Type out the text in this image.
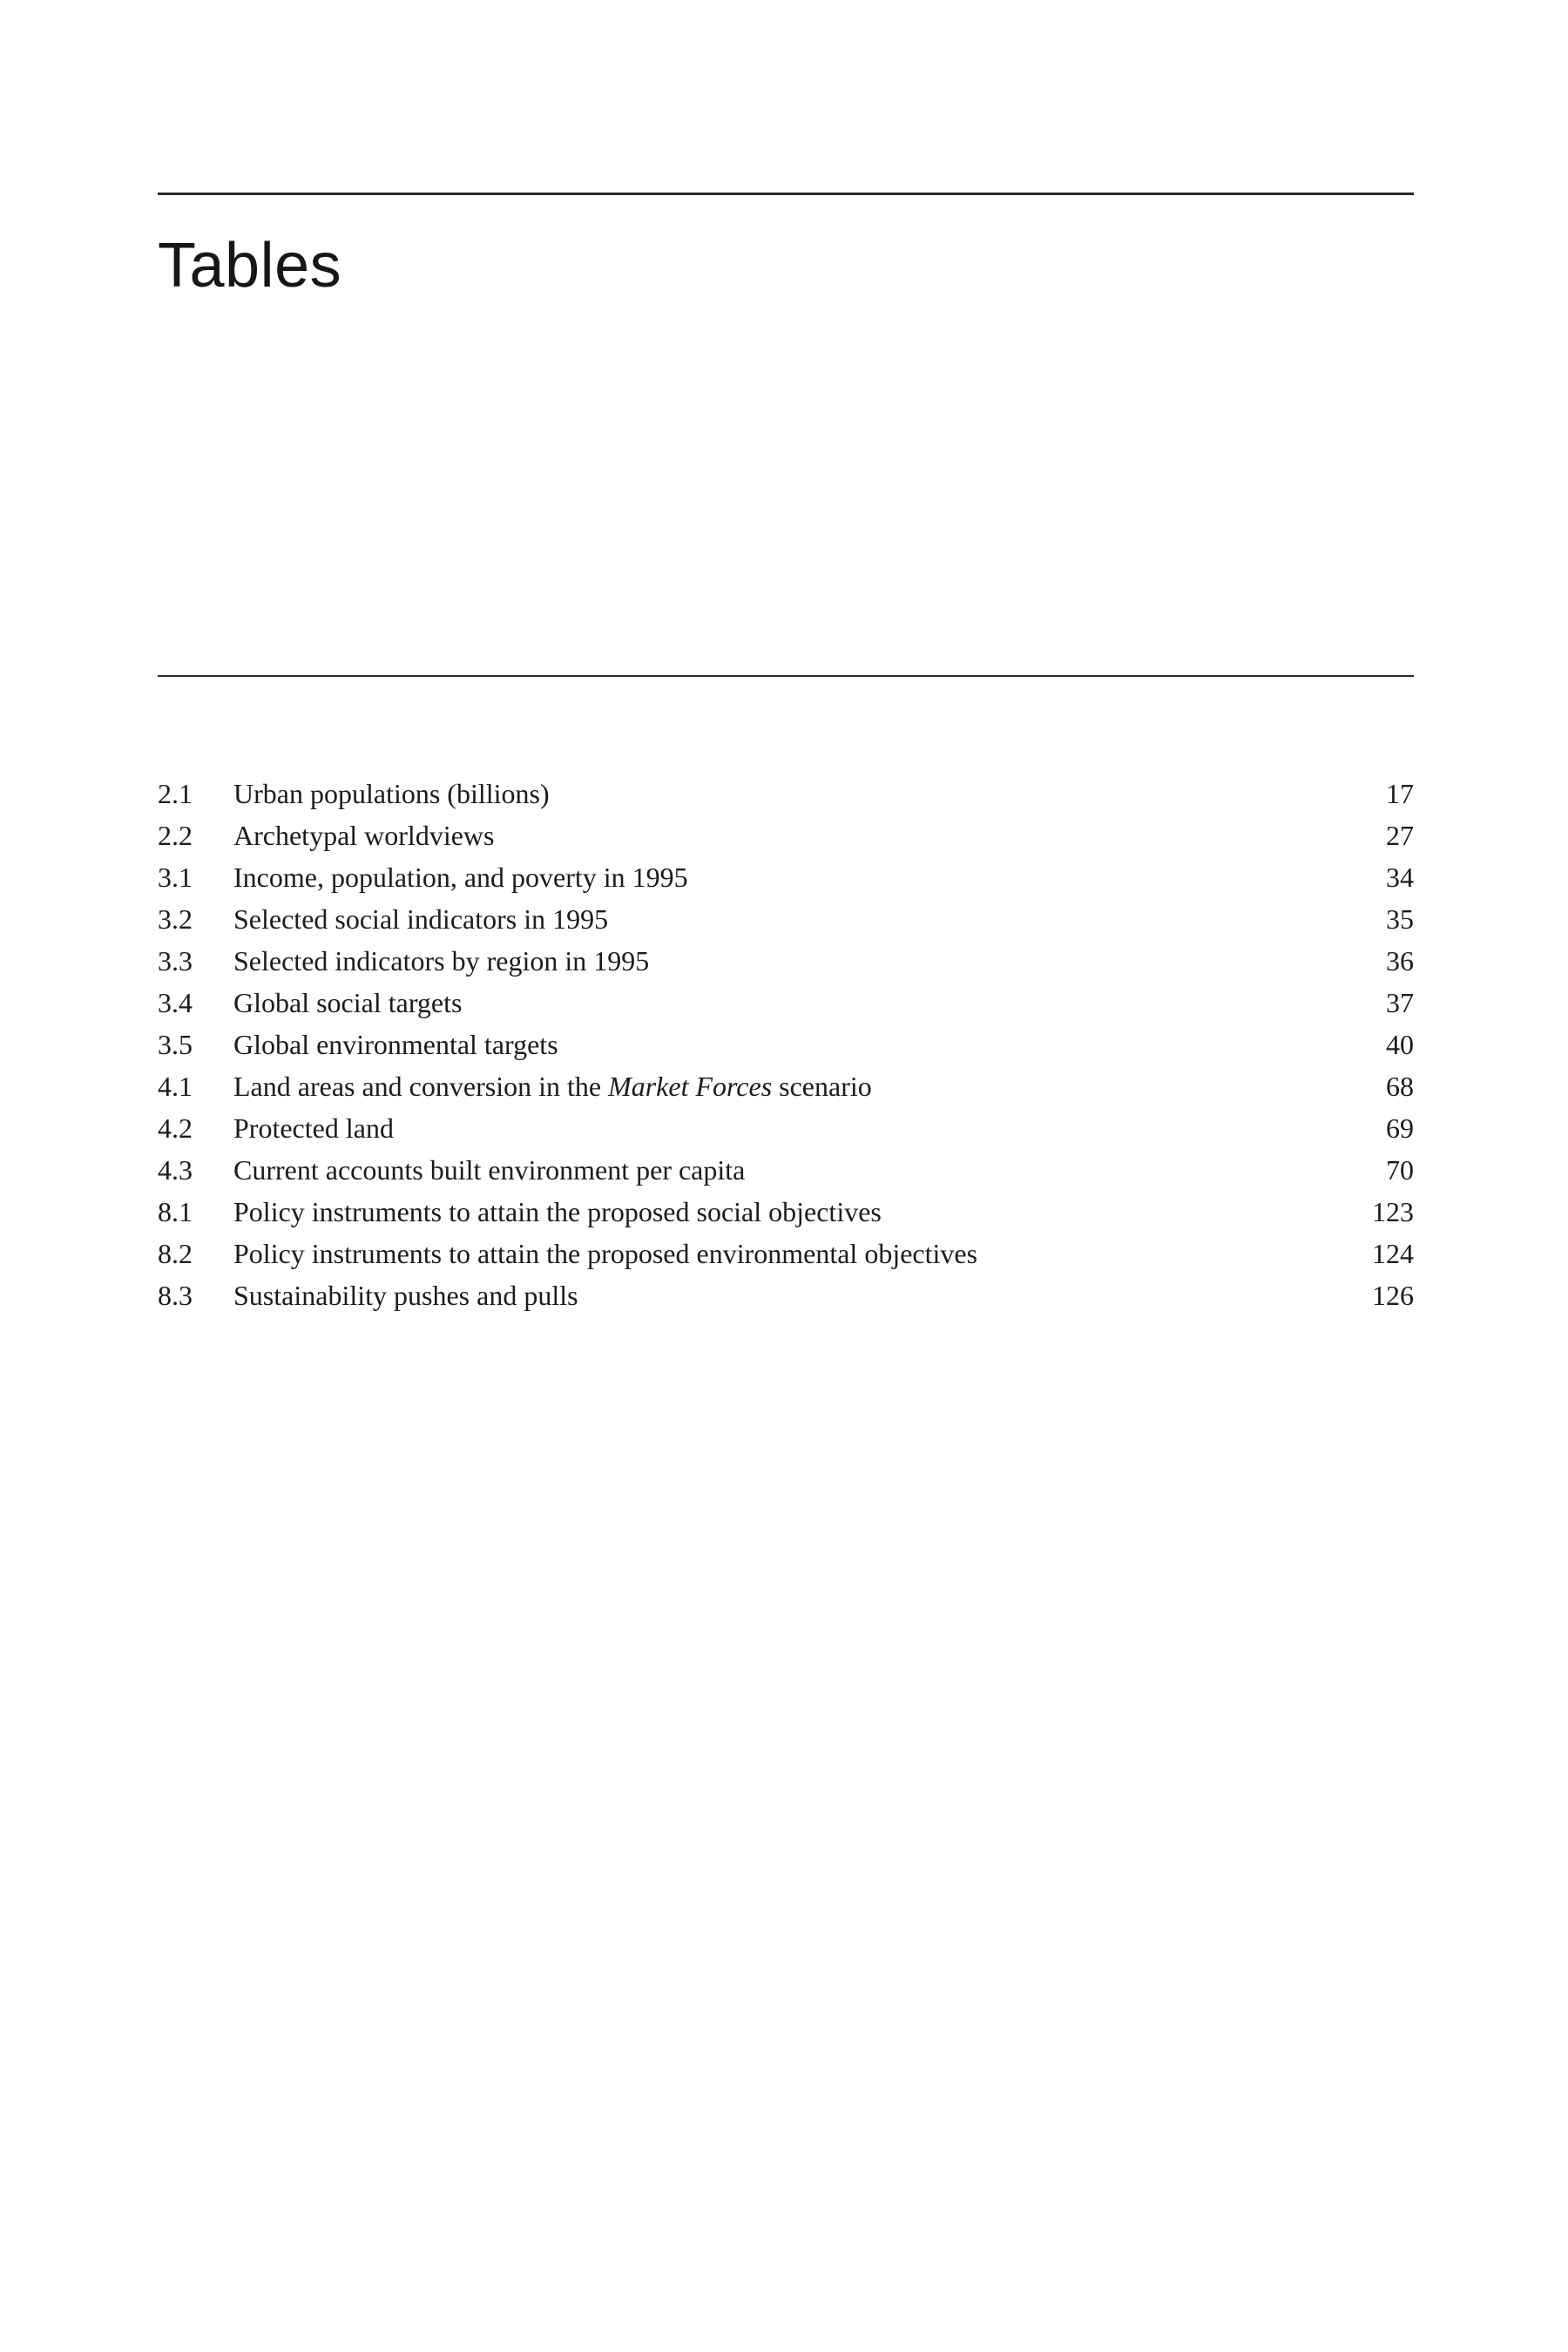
Tables
2.1	Urban populations (billions)	17
2.2	Archetypal worldviews	27
3.1	Income, population, and poverty in 1995	34
3.2	Selected social indicators in 1995	35
3.3	Selected indicators by region in 1995	36
3.4	Global social targets	37
3.5	Global environmental targets	40
4.1	Land areas and conversion in the Market Forces scenario	68
4.2	Protected land	69
4.3	Current accounts built environment per capita	70
8.1	Policy instruments to attain the proposed social objectives	123
8.2	Policy instruments to attain the proposed environmental objectives	124
8.3	Sustainability pushes and pulls	126
